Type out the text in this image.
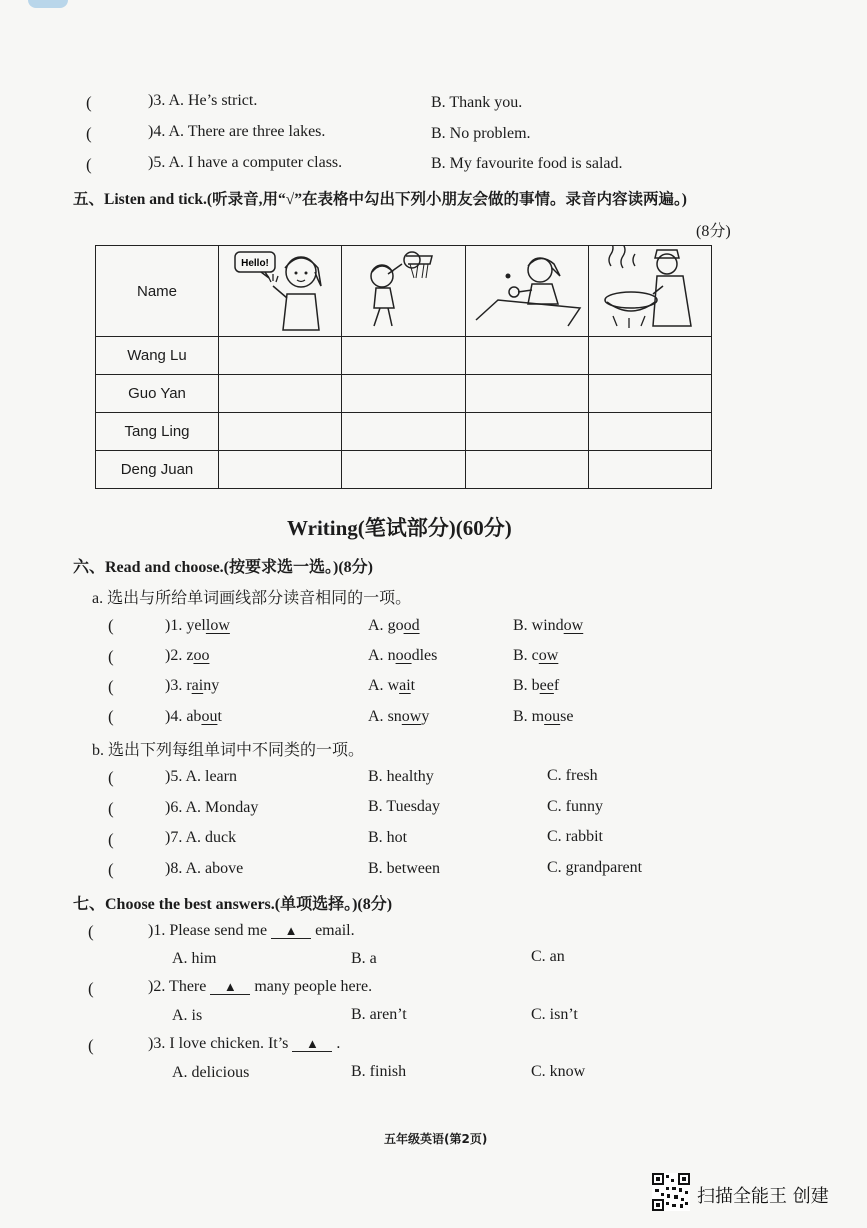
(	)3. A. He’s strict.	B. Thank you.
(	)4. A. There are three lakes.	B. No problem.
(	)5. A. I have a computer class.	B. My favourite food is salad.
五、Listen and tick.(听录音,用“√”在表格中勾出下列小朋友会做的事情。录音内容读两遍。)
(8分)
Name	Hello!

Wang Lu				
Guo Yan				
Tang Ling				
Deng Juan				
Writing(笔试部分)(60分)
六、Read and choose.(按要求选一选。)(8分)
a. 选出与所给单词画线部分读音相同的一项。
(	)1. yellow	A. good	B. window
(	)2. zoo	A. noodles	B. cow
(	)3. rainy	A. wait	B. beef
(	)4. about	A. snowy	B. mouse
b. 选出下列每组单词中不同类的一项。
(	)5. A. learn	B. healthy	C. fresh
(	)6. A. Monday	B. Tuesday	C. funny
(	)7. A. duck	B. hot	C. rabbit
(	)8. A. above	B. between	C. grandparent
七、Choose the best answers.(单项选择。)(8分)
(	)1. Please send me ▲ email.
A. him	B. a	C. an
(	)2. There ▲ many people here.
A. is	B. aren’t	C. isn’t
(	)3. I love chicken. It’s ▲ .
A. delicious	B. finish	C. know
五年级英语(第2页)
扫描全能王 创建
